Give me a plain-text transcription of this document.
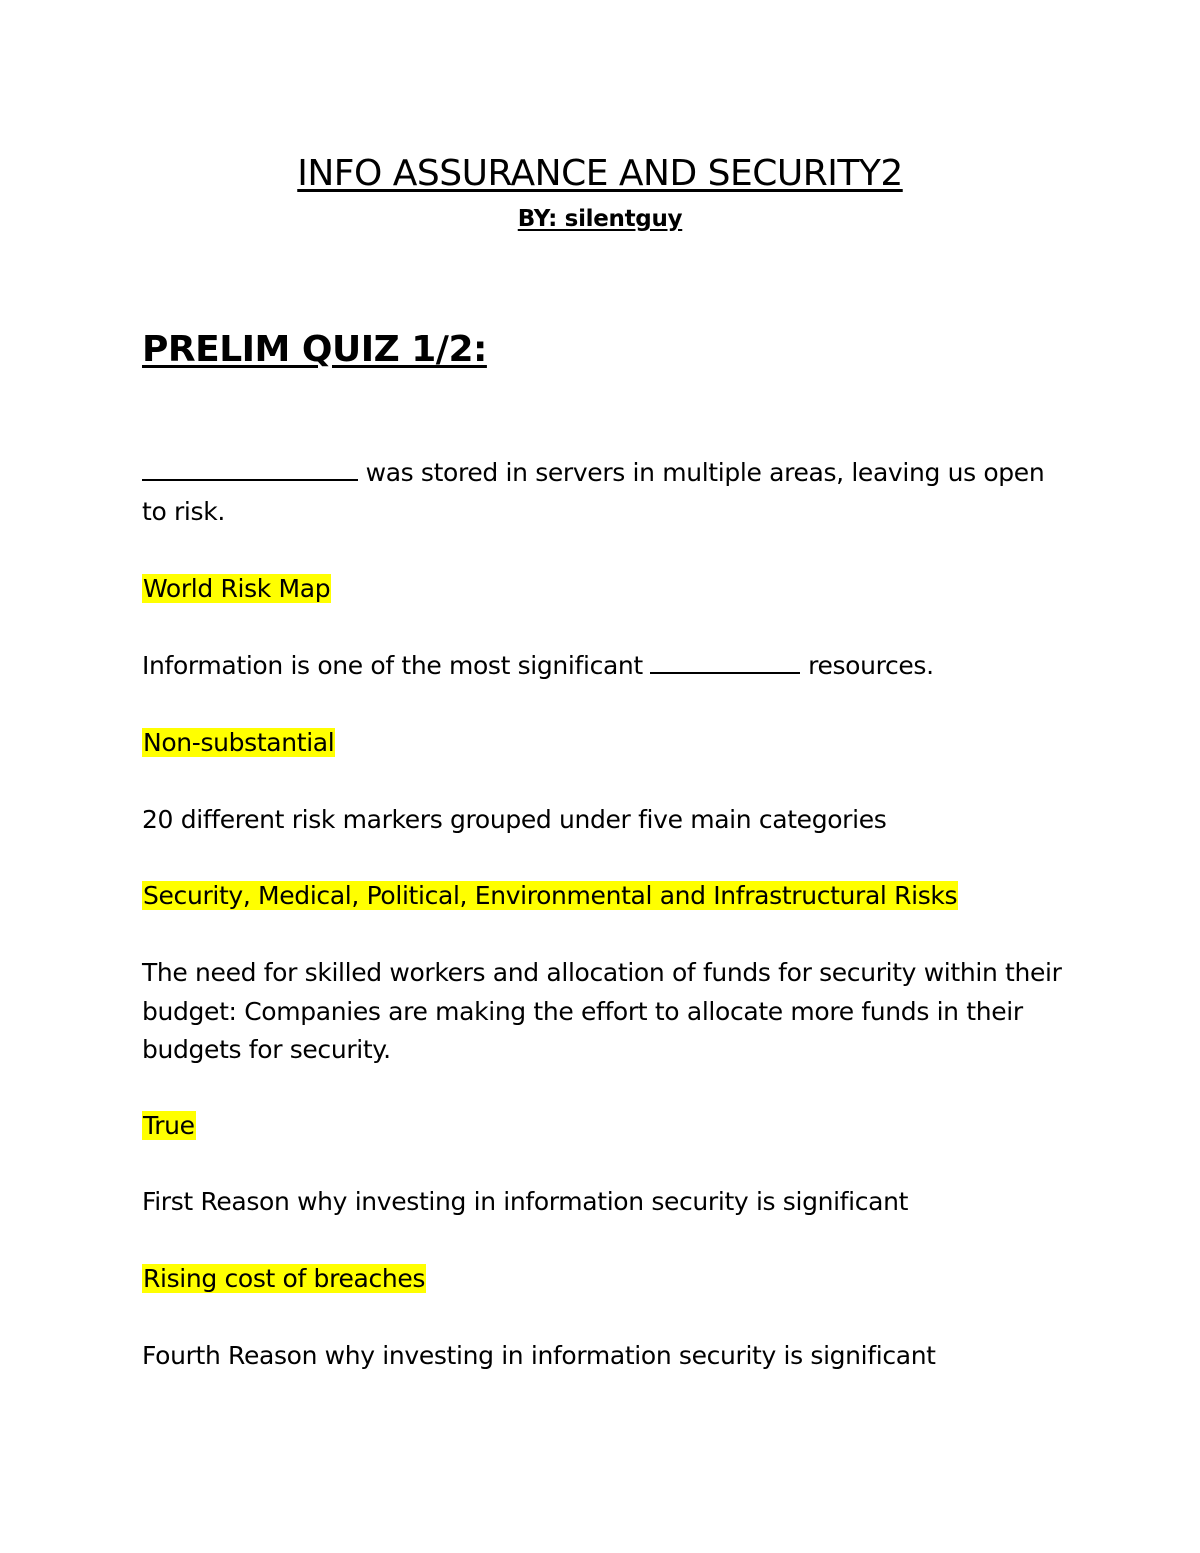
INFO ASSURANCE AND SECURITY2
BY: silentguy
PRELIM QUIZ 1/2:

was stored in servers in multiple areas, leaving us open to risk.

World Risk Map

Information is one of the most significant	resources.

Non-substantial

20 different risk markers grouped under five main categories

Security, Medical, Political, Environmental and Infrastructural Risks

The need for skilled workers and allocation of funds for security within their budget: Companies are making the effort to allocate more funds in their budgets for security.

True

First Reason why investing in information security is significant

Rising cost of breaches

Fourth Reason why investing in information security is significant
